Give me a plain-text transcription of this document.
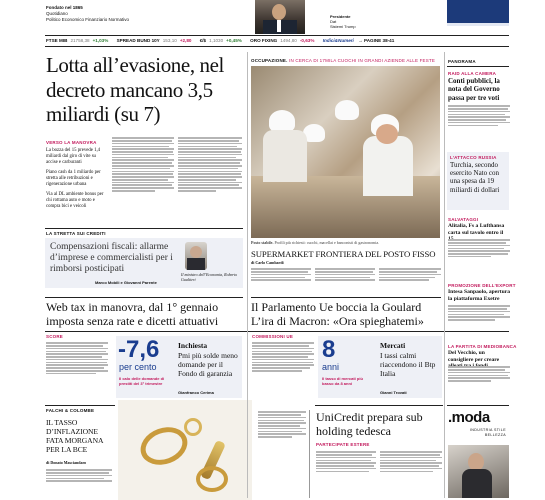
Fondato nel 1865
Quotidiano
Politico Economico Finanziario Normativo
Presidente
Dat
Sistemi Trump
FTSE MIB 21758,38 +1,03% SPREAD BUND 10Y 153,10 +2,80 €/$ 1,1030 +0,45% ORO FIXING 1494,80 -0,63% Indici&Numeri → PAGINE 38-41
Lotta all’evasione, nel decreto mancano 3,5 miliardi (su 7)
VERSO LA MANOVRA
La bozza del 15 prevede 1,4 miliardi dal giro di vite su accise e carburanti
Piano cash da 1 miliardo per stretta alle retribuzioni e rigenerazione urbana
Via al DL ambiente bonus per chi rottama auto e moto e compra bici e veicoli
LA STRETTA SUI CREDITI
Compensazioni fiscali: allarme d’imprese e commercialisti per i rimborsi posticipati
Marco Mobili e Giovanni Parente
Il ministro dell’Economia, Roberto Gualtieri
Web tax in manovra, dal 1° gennaio imposta senza rate e dicetti attuativi
SCORE -7,6
per cento
Il calo delle domande di prestiti del 3° trimestre
Inchiesta
Pmi più solde meno domande per il Fondo di garanzia
Gianfranco Cerima
FALCHI & COLOMBE
IL TASSO D’INFLAZIONE FATA MORGANA PER LA BCE
di Donato Masciandaro
OCCUPAZIONE. IN CERCA DI 17MILA CUOCHI IN GRANDI AZIENDE ALLE FESTE
Posto stabile. Profili più richiesti: cuochi, macellai e banconisti di gastronomia.
SUPERMARKET FRONTIERA DEL POSTO FISSO
di Carlo Cambardi
Il Parlamento Ue boccia la Goulard L’ira di Macron: «Ora spieghatemi»
COMMISSIONI UE 8
anni
Il tasso di mercati più basso da 8 anni
Mercati
I tassi calmi riaccendono il Btp Italia
Gianni Trovati
UniCredit prepara sub holding tedesca
PARTECIPATE ESTERE
PANORAMA
RAID ALLA CAMERA
Conti pubblici, la nota del Governo passa per tre voti
L’ATTACCO RUSSIA
Turchia, secondo esercito Nato con una spesa da 19 miliardi di dollari
SALVATAGGI
Alitalia, Fs a Lufthansa carta sul tavolo entro il
PROMOZIONE DELL’EXPORT
Intesa Sanpaolo, apertura la piattaforma Exetre
LA PARTITA DI MEDIOBANCA
Del Vecchio, un consigliere per creare
.moda
INDUSTRIA STILE BELLEZZA
